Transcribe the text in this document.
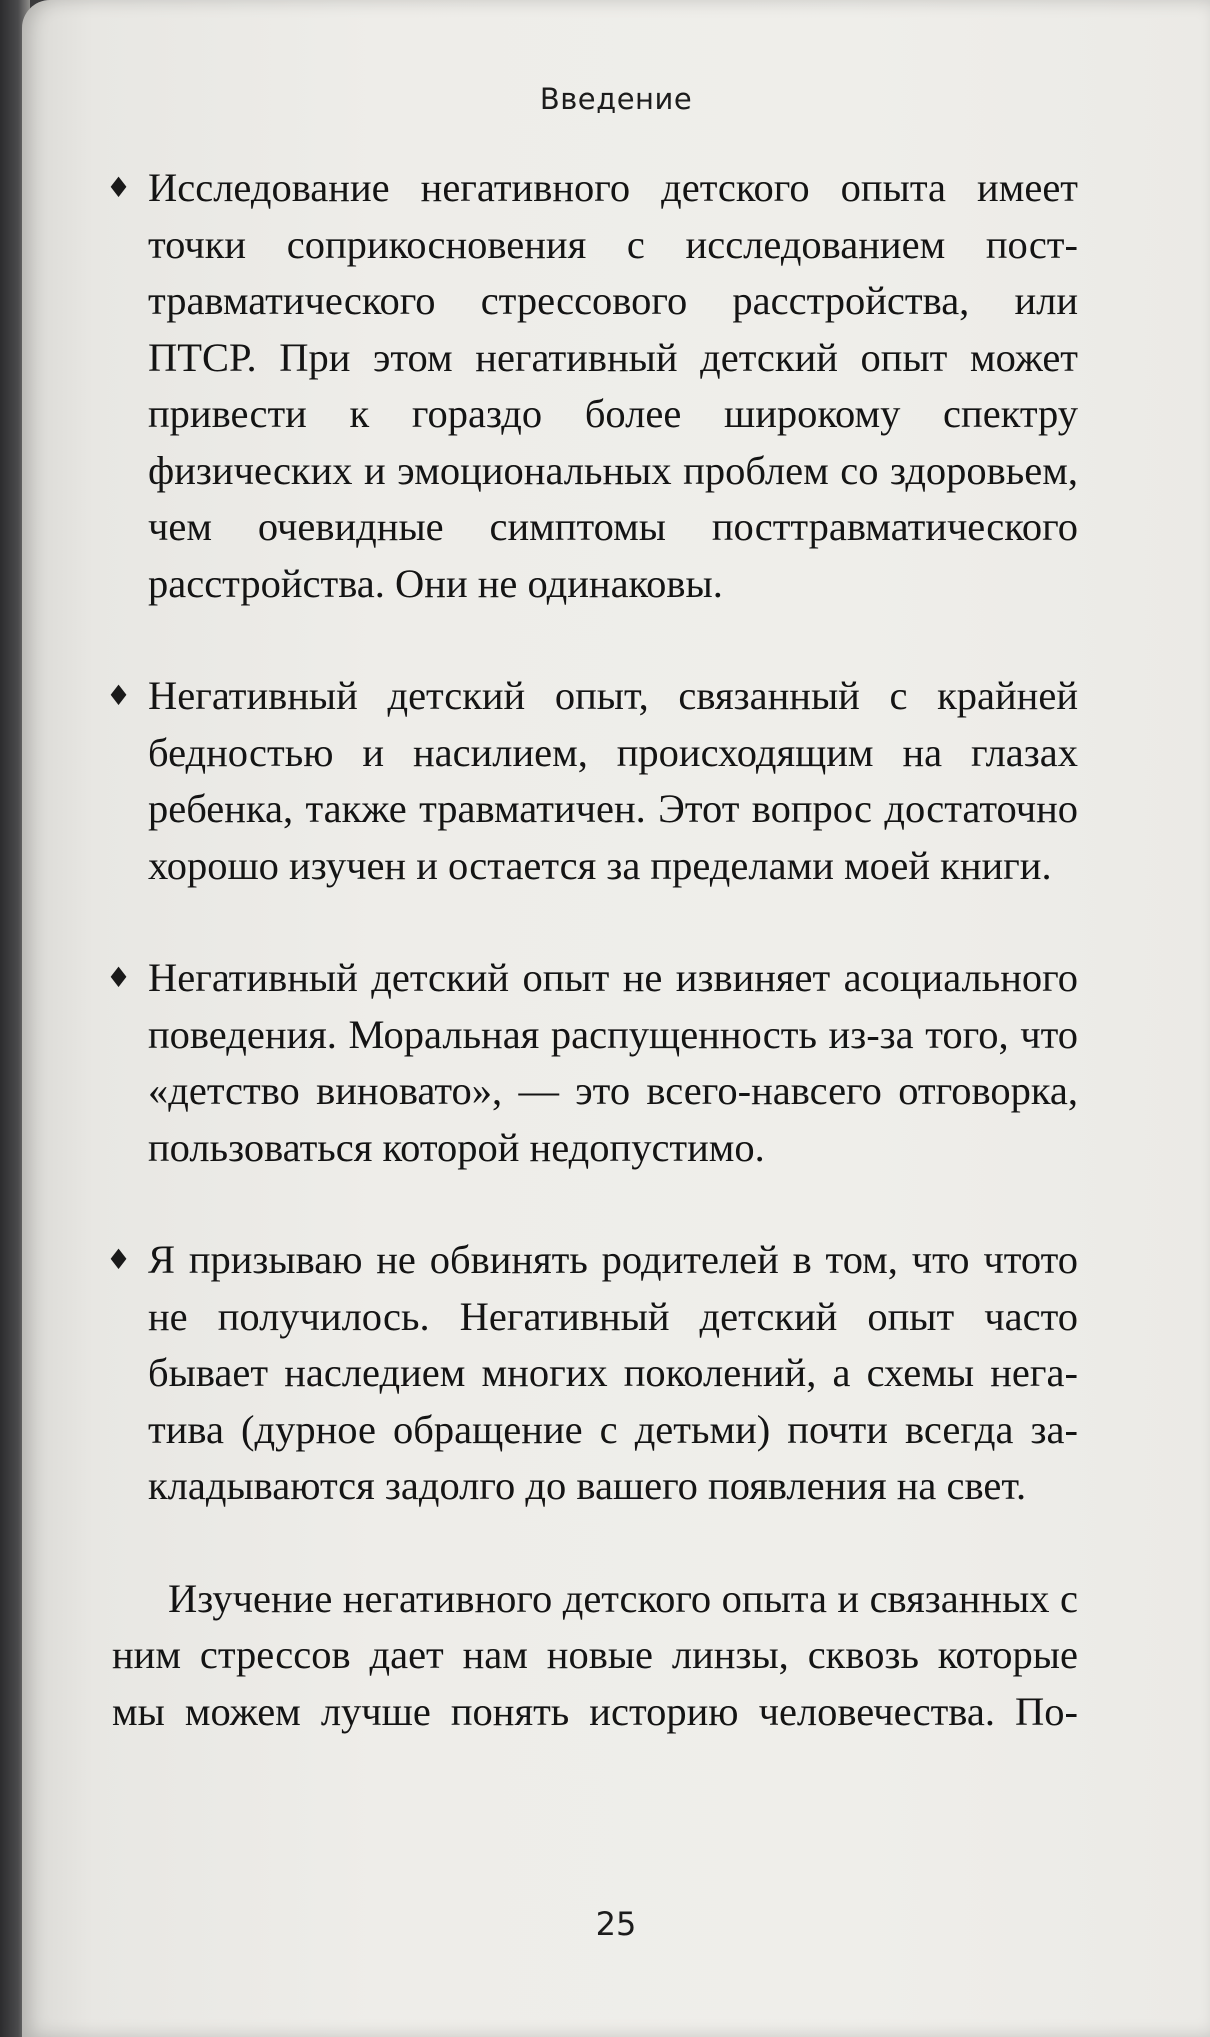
Введение
♦ Исследование негативного детского опыта имеет точки соприкосновения с исследованием посттравматического стрессового расстройства, или ПТСР. При этом негативный детский опыт может привести к гораздо более широкому спектру физических и эмоциональных проблем со здоровьем, чем очевидные симптомы посттравматического расстройства. Они не одинаковы.
♦ Негативный детский опыт, связанный с крайней бедностью и насилием, происходящим на глазах ребенка, также травматичен. Этот вопрос достаточно хорошо изучен и остается за пределами моей книги.
♦ Негативный детский опыт не извиняет асоциального поведения. Моральная распущенность из-за того, что «детство виновато», — это всего-навсего отговорка, пользоваться которой недопустимо.
♦ Я призываю не обвинять родителей в том, что чтото не получилось. Негативный детский опыт часто бывает наследием многих поколений, а схемы негатива (дурное обращение с детьми) почти всегда закладываются задолго до вашего появления на свет.
Изучение негативного детского опыта и связанных с ним стрессов дает нам новые линзы, сквозь которые мы можем лучше понять историю человечества. По-
25
